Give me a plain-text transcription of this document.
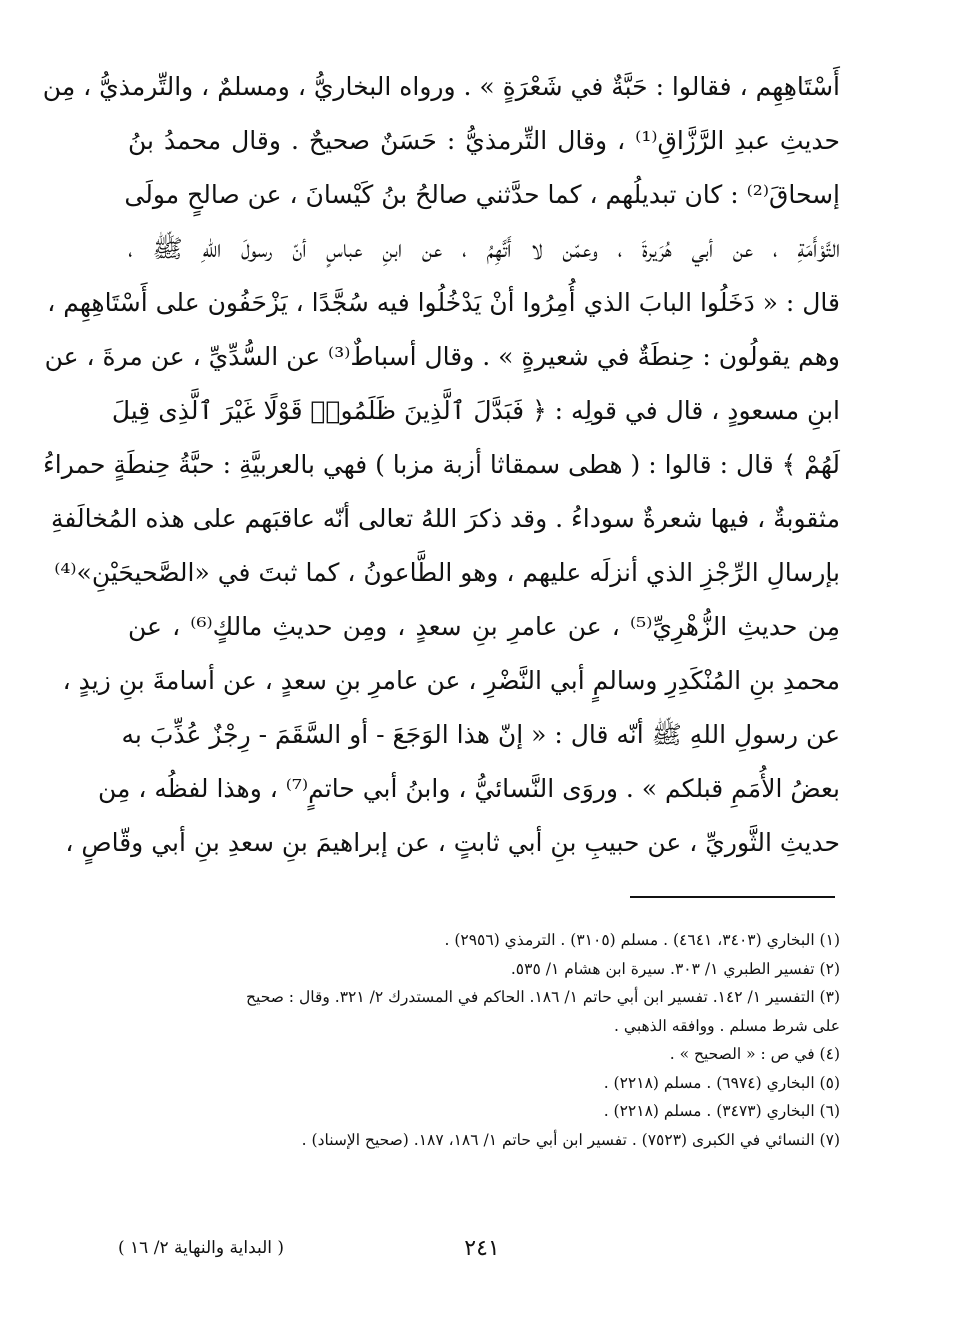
أَسْتَاهِهِم ، فقالوا : حَبَّةٌ في شَعْرَةٍ » . ورواه البخاريُّ ، ومسلمٌ ، والتِّرمذيُّ ، مِن
حديثِ عبدِ الرَّزَّاقِ⁽¹⁾ ، وقال التِّرمذيُّ : حَسَنٌ صحيحٌ . وقال محمدُ بنُ
إسحاقَ⁽²⁾ : كان تبديلُهم ، كما حدَّثني صالحُ بنُ كَيْسانَ ، عن صالحٍ مولَى
التَّوْأَمَةِ ، عن أبي هُرَيرةَ ، وعمّن لا أَتَّهِمُ ، عن ابنِ عباسٍ أنّ رسولَ اللهِ ﷺ ،
قال : « دَخَلُوا البابَ الذي أُمِرُوا أنْ يَدْخُلُوا فيه سُجَّدًا ، يَزْحَفُون على أَسْتَاهِهِم ،
وهم يقولُون : حِنطَةٌ في شعيرةٍ » . وقال أسباطٌ⁽³⁾ عن السُّدِّيِّ ، عن مرةَ ، عن
ابنِ مسعودٍ ، قال في قولِه : ﴿ فَبَدَّلَ ٱلَّذِينَ ظَلَمُوا۟ قَوْلًا غَيْرَ ٱلَّذِى قِيلَ
لَهُمْ ﴾ قال : قالوا : ( هطى سمقاثا أزبة مزبا ) فهي بالعربيَّةِ : حبَّةُ حِنطَةٍ حمراءُ
مثقوبةٌ ، فيها شعرةٌ سوداءُ . وقد ذكرَ اللهُ تعالى أنّه عاقبَهم على هذه المُخالَفةِ
بإرسالِ الرِّجْزِ الذي أنزلَه عليهم ، وهو الطَّاعونُ ، كما ثبتَ في «الصَّحيحَيْنِ»⁽⁴⁾
مِن حديثِ الزُّهْرِيِّ⁽⁵⁾ ، عن عامرِ بنِ سعدٍ ، ومِن حديثِ مالكٍ⁽⁶⁾ ، عن
محمدِ بنِ المُنْكَدِرِ وسالمٍ أبي النَّضْرِ ، عن عامرِ بنِ سعدٍ ، عن أسامةَ بنِ زيدٍ ،
عن رسولِ اللهِ ﷺ أنّه قال : « إنّ هذا الوَجَعَ - أو السَّقَمَ - رِجْزٌ عُذِّبَ به
بعضُ الأُمَمِ قبلكم » . وروَى النَّسائيُّ ، وابنُ أبي حاتمٍ⁽⁷⁾ ، وهذا لفظُه ، مِن
حديثِ الثَّوريِّ ، عن حبيبِ بنِ أبي ثابتٍ ، عن إبراهيمَ بنِ سعدِ بنِ أبي وقّاصٍ ،
(١) البخاري (٣٤٠٣، ٤٦٤١) . مسلم (٣١٠٥) . الترمذي (٢٩٥٦) .
(٢) تفسير الطبري ١/ ٣٠٣. سيرة ابن هشام ١/ ٥٣٥.
(٣) التفسير ١/ ١٤٢. تفسير ابن أبي حاتم ١/ ١٨٦. الحاكم في المستدرك ٢/ ٣٢١. وقال : صحيح
على شرط مسلم . ووافقه الذهبي .
(٤) في ص : « الصحيح » .
(٥) البخاري (٦٩٧٤) . مسلم (٢٢١٨) .
(٦) البخاري (٣٤٧٣) . مسلم (٢٢١٨) .
(٧) النسائي في الكبرى (٧٥٢٣) . تفسير ابن أبي حاتم ١/ ١٨٦، ١٨٧. (صحيح الإسناد) .
٢٤١
( البداية والنهاية ٢/ ١٦ )
